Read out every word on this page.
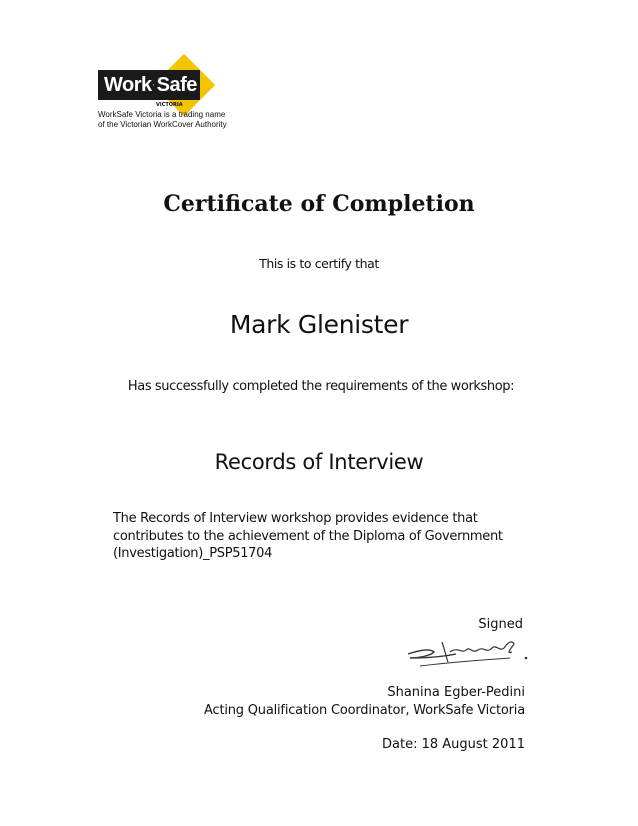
Work Safe
VICTORIA
WorkSafe Victoria is a trading name
of the Victorian WorkCover Authority
Certificate of Completion
This is to certify that
Mark Glenister
Has successfully completed the requirements of the workshop:
Records of Interview
The Records of Interview workshop provides evidence that contributes to the achievement of the Diploma of Government (Investigation)_PSP51704
Signed
Shanina Egber-Pedini
Acting Qualification Coordinator, WorkSafe Victoria
Date: 18 August 2011
